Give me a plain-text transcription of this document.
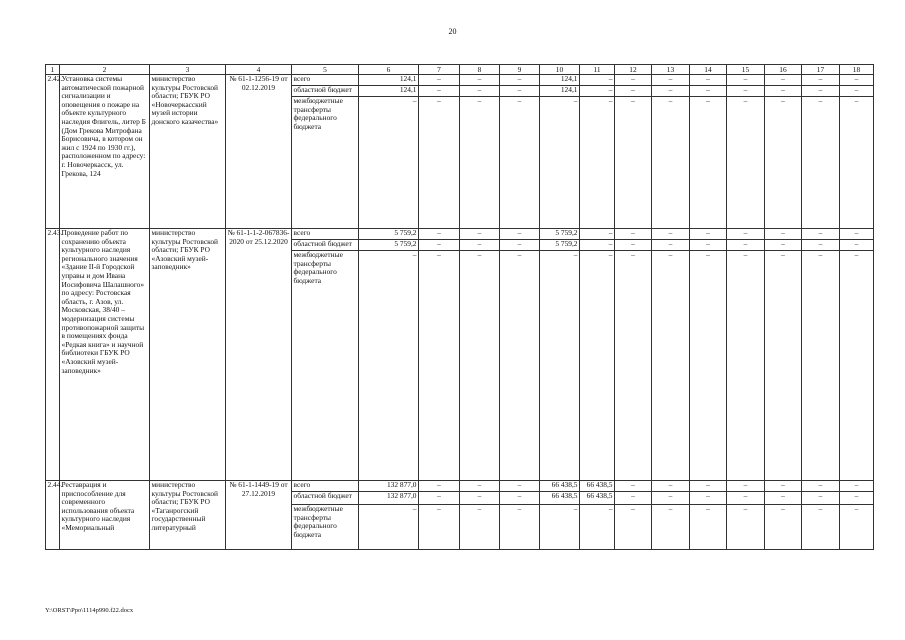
20
1	2	3	4	5	6	7	8	9	10	11	12	13	14	15	16	17	18
2.42.	Установка системы автоматической пожарной сигнализации и оповещения о пожаре на объекте культурного наследия Флигель, литер Б (Дом Грекова Митрофана Борисовича, в котором он жил с 1924 по 1930 гг.), расположенном по адресу: г. Новочеркасск, ул. Грекова, 124	министерство культуры Ростовской области; ГБУК РО «Новочеркасский музей истории донского казачества»	№ 61-1-1256-19 от 02.12.2019	всего	124,1	–	–	–	124,1	–	–	–	–	–	–	–	–
				областной бюджет	124,1	–	–	–	124,1	–	–	–	–	–	–	–	–
				межбюджетные трансферты федерального бюджета	–	–	–	–	–	–	–	–	–	–	–	–	–
2.43.	Проведение работ по сохранению объекта культурного наследия регионального значения «Здание II-й Городской управы и дом Ивана Иосифовича Шалашного» по адресу: Ростовская область, г. Азов, ул. Московская, 38/40 – модернизация системы противопожарной защиты в помещениях фонда «Редкая книга» и научной библиотеки ГБУК РО «Азовский музей-заповедник»	министерство культуры Ростовской области; ГБУК РО «Азовский музей-заповедник»	№ 61-1-1-2-067836-2020 от 25.12.2020	всего	5 759,2	–	–	–	5 759,2	–	–	–	–	–	–	–	–
				областной бюджет	5 759,2	–	–	–	5 759,2	–	–	–	–	–	–	–	–
				межбюджетные трансферты федерального бюджета	–	–	–	–	–	–	–	–	–	–	–	–	–
2.44.	Реставрация и приспособление для современного использования объекта культурного наследия «Мемориальный	министерство культуры Ростовской области; ГБУК РО «Таганрогский государственный литературный	№ 61-1-1449-19 от 27.12.2019	всего	132 877,0	–	–	–	66 438,5	66 438,5	–	–	–	–	–	–	–
				областной бюджет	132 877,0	–	–	–	66 438,5	66 438,5	–	–	–	–	–	–	–
				межбюджетные трансферты федерального бюджета	–	–	–	–	–	–	–	–	–	–	–	–	–
Y:\ORST\Ppo\1114p990.f22.docx
